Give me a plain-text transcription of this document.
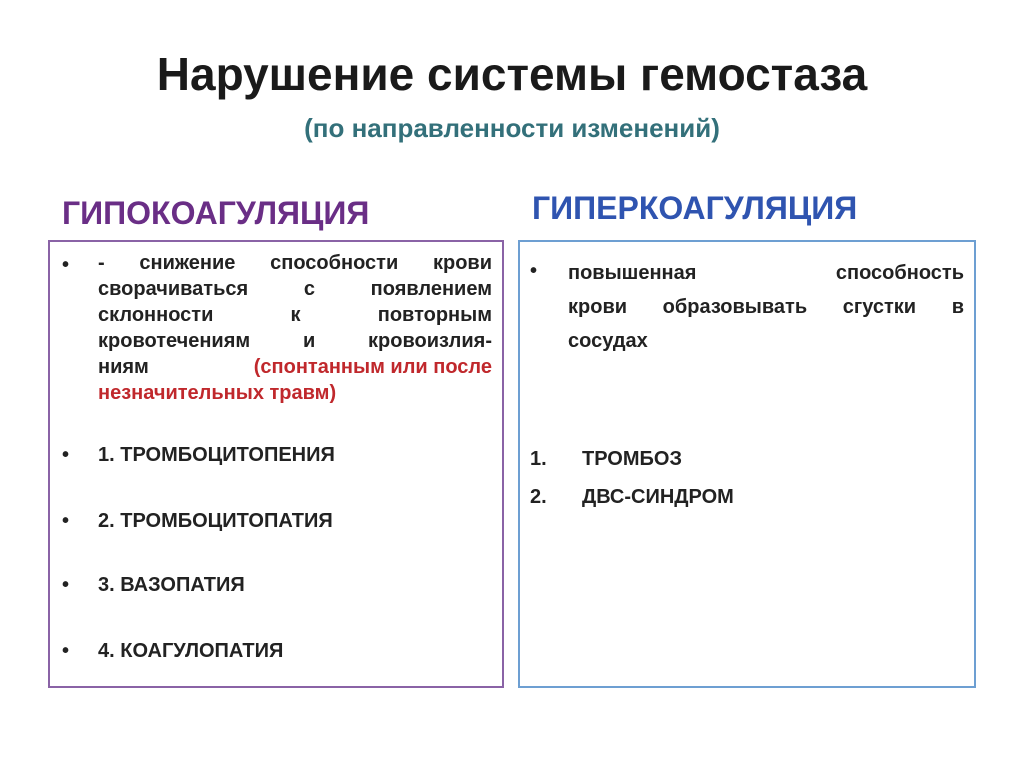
Нарушение системы гемостаза
(по направленности изменений)
ГИПОКОАГУЛЯЦИЯ	ГИПЕРКОАГУЛЯЦИЯ
• - снижение способности крови
сворачиваться с появлением
склонности к повторным
кровотечениям и кровоизлия-
ниям	(спонтанным или после
незначительных травм)
• 1. ТРОМБОЦИТОПЕНИЯ
• 2. ТРОМБОЦИТОПАТИЯ
• 3. ВАЗОПАТИЯ
• 4. КОАГУЛОПАТИЯ
• повышенная способность
крови образовывать сгустки в
сосудах
1. ТРОМБОЗ
2. ДВС-СИНДРОМ
